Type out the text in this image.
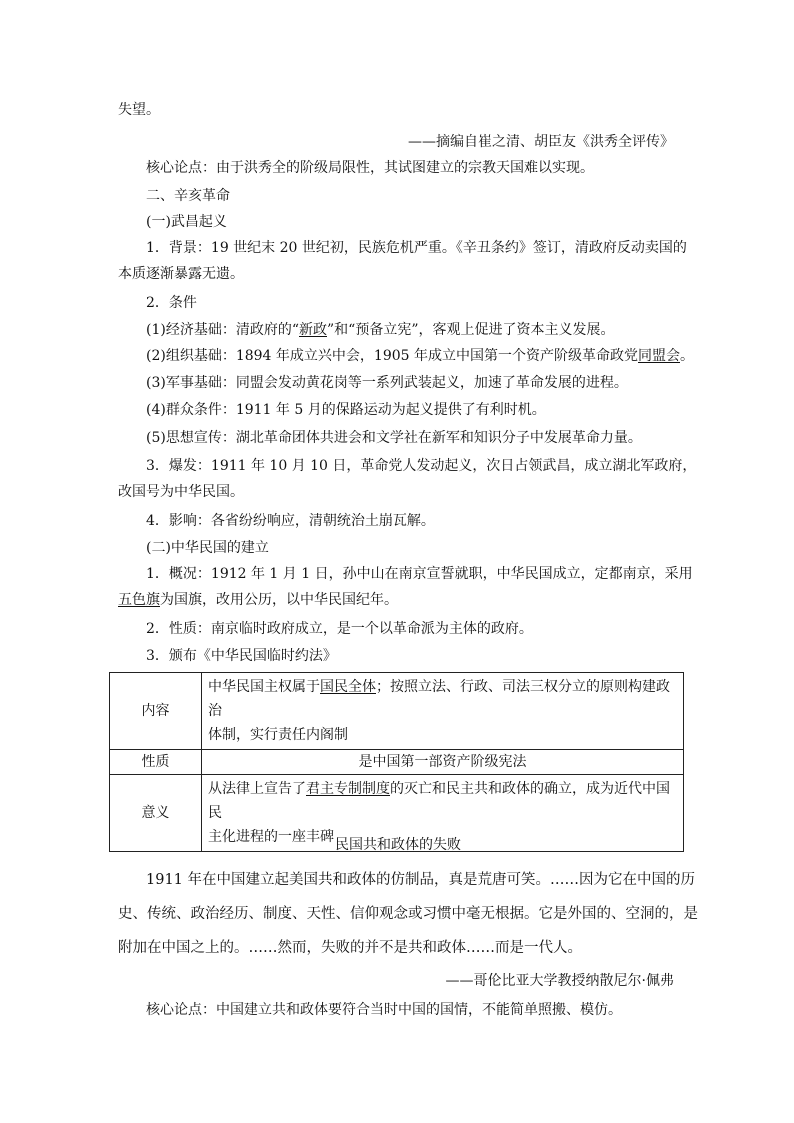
失望。
——摘编自崔之清、胡臣友《洪秀全评传》
核心论点：由于洪秀全的阶级局限性，其试图建立的宗教天国难以实现。
二、辛亥革命
(一)武昌起义
1．背景：19 世纪末 20 世纪初，民族危机严重。《辛丑条约》签订，清政府反动卖国的
本质逐渐暴露无遗。
2．条件
(1)经济基础：清政府的“新政”和“预备立宪”，客观上促进了资本主义发展。
(2)组织基础：1894 年成立兴中会，1905 年成立中国第一个资产阶级革命政党同盟会。
(3)军事基础：同盟会发动黄花岗等一系列武装起义，加速了革命发展的进程。
(4)群众条件：1911 年 5 月的保路运动为起义提供了有利时机。
(5)思想宣传：湖北革命团体共进会和文学社在新军和知识分子中发展革命力量。
3．爆发：1911 年 10 月 10 日，革命党人发动起义，次日占领武昌，成立湖北军政府，
改国号为中华民国。
4．影响：各省纷纷响应，清朝统治土崩瓦解。
(二)中华民国的建立
1．概况：1912 年 1 月 1 日，孙中山在南京宣誓就职，中华民国成立，定都南京，采用
五色旗为国旗，改用公历，以中华民国纪年。
2．性质：南京临时政府成立，是一个以革命派为主体的政府。
3．颁布《中华民国临时约法》
内容	中华民国主权属于国民全体；按照立法、行政、司法三权分立的原则构建政治
体制，实行责任内阁制
性质	是中国第一部资产阶级宪法
意义	从法律上宣告了君主专制制度的灭亡和民主共和政体的确立，成为近代中国民
主化进程的一座丰碑 民国共和政体的失败
1911 年在中国建立起美国共和政体的仿制品，真是荒唐可笑。……因为它在中国的历
史、传统、政治经历、制度、天性、信仰观念或习惯中毫无根据。它是外国的、空洞的，是
附加在中国之上的。……然而，失败的并不是共和政体……而是一代人。
——哥伦比亚大学教授纳散尼尔·佩弗
核心论点：中国建立共和政体要符合当时中国的国情，不能简单照搬、模仿。
